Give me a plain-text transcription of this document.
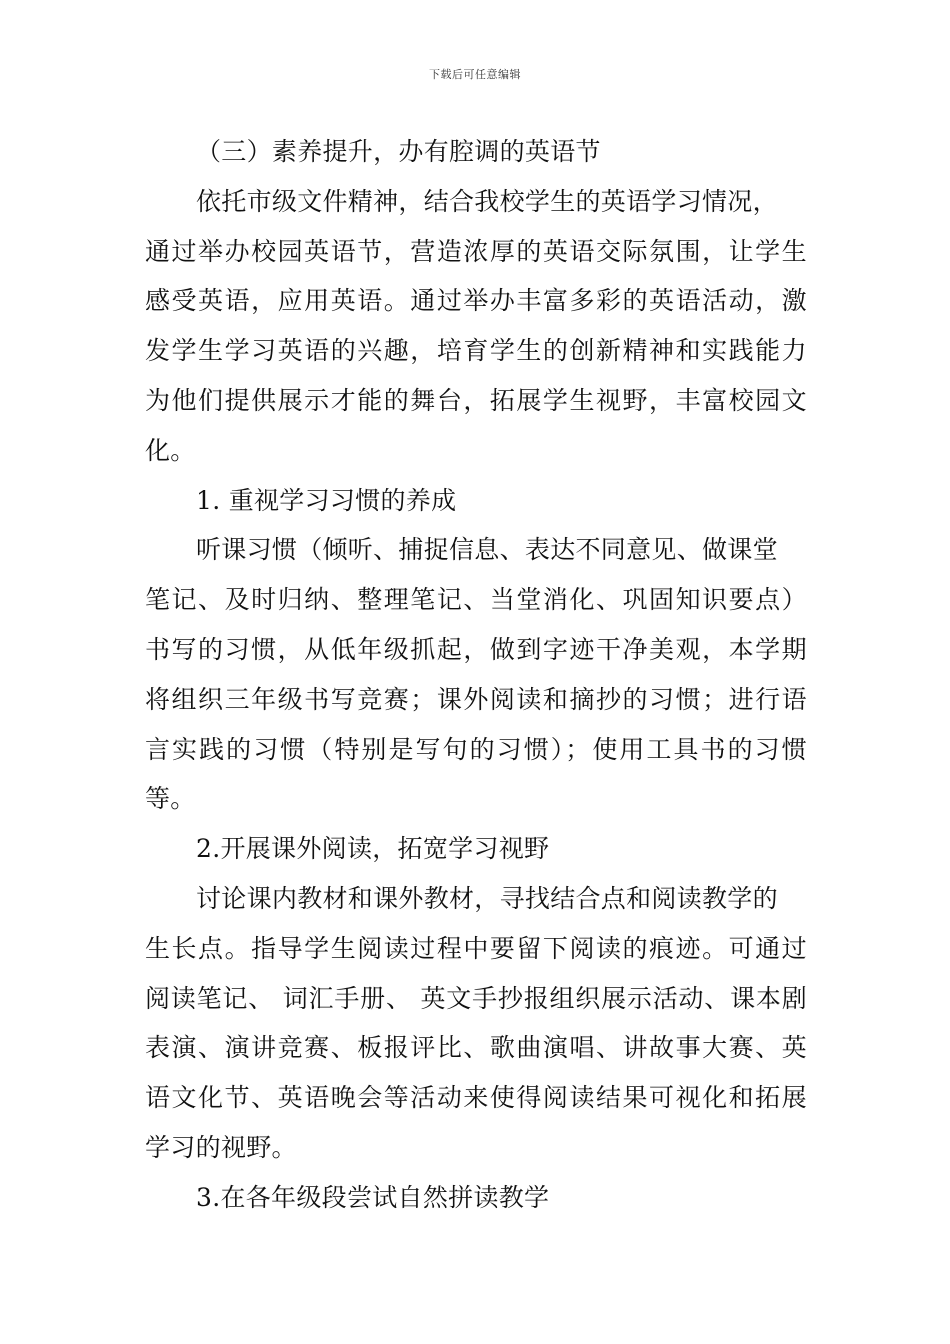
下载后可任意编辑
（三）素养提升，办有腔调的英语节
依托市级文件精神，结合我校学生的英语学习情况，
通过举办校园英语节，营造浓厚的英语交际氛围，让学生
感受英语，应用英语。通过举办丰富多彩的英语活动，激
发学生学习英语的兴趣，培育学生的创新精神和实践能力
为他们提供展示才能的舞台，拓展学生视野，丰富校园文
化。
1. 重视学习习惯的养成
听课习惯（倾听、捕捉信息、表达不同意见、做课堂
笔记、及时归纳、整理笔记、当堂消化、巩固知识要点）
书写的习惯，从低年级抓起，做到字迹干净美观，本学期
将组织三年级书写竞赛；课外阅读和摘抄的习惯；进行语
言实践的习惯（特别是写句的习惯）；使用工具书的习惯
等。
2.开展课外阅读，拓宽学习视野
讨论课内教材和课外教材，寻找结合点和阅读教学的
生长点。指导学生阅读过程中要留下阅读的痕迹。可通过
阅读笔记、 词汇手册、 英文手抄报组织展示活动、课本剧
表演、演讲竞赛、板报评比、歌曲演唱、讲故事大赛、英
语文化节、英语晚会等活动来使得阅读结果可视化和拓展
学习的视野。
3.在各年级段尝试自然拼读教学
